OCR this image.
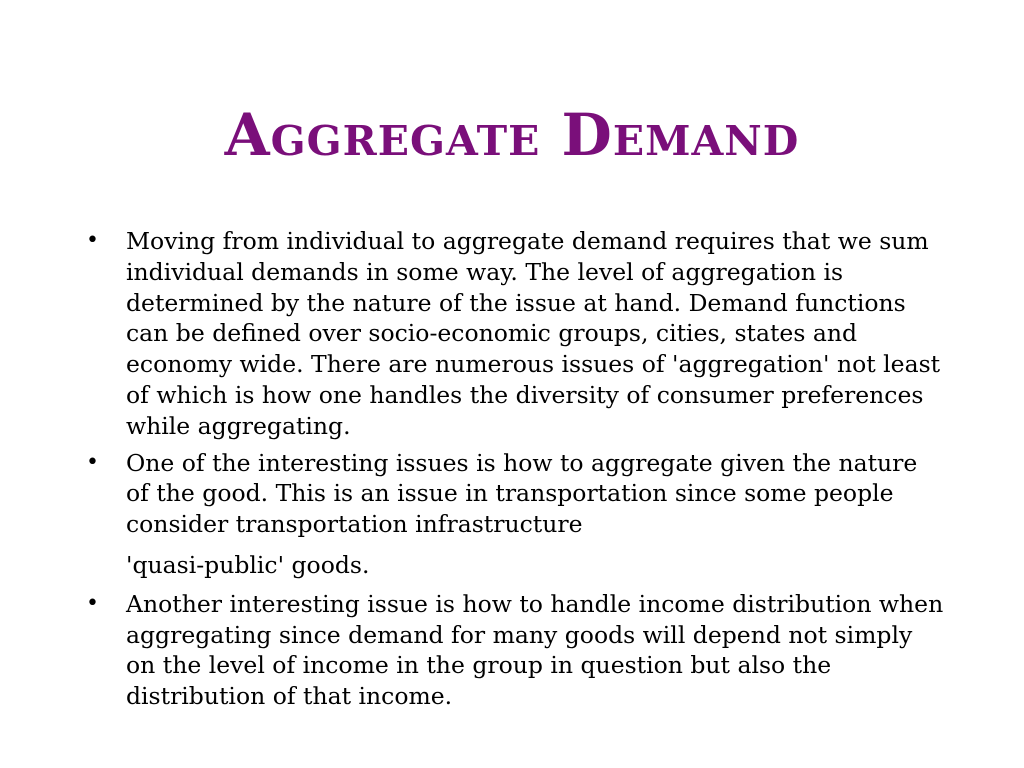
Aggregate Demand
• Moving from individual to aggregate demand requires that we sum individual demands in some way. The level of aggregation is determined by the nature of the issue at hand. Demand functions can be defined over socio-economic groups, cities, states and economy wide. There are numerous issues of 'aggregation' not least of which is how one handles the diversity of consumer preferences while aggregating.
• One of the interesting issues is how to aggregate given the nature of the good. This is an issue in transportation since some people consider transportation infrastructure
'quasi-public' goods.
• Another interesting issue is how to handle income distribution when aggregating since demand for many goods will depend not simply on the level of income in the group in question but also the distribution of that income.
